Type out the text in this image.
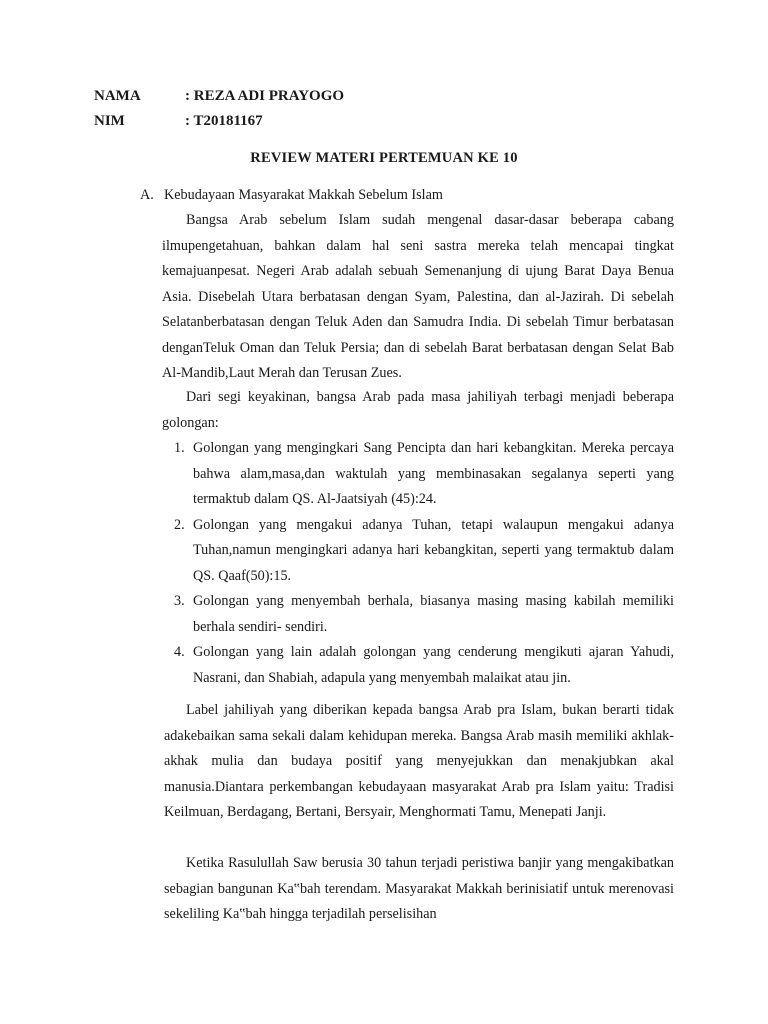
NAMA	: REZA ADI PRAYOGO
NIM	: T20181167
REVIEW MATERI PERTEMUAN KE 10
A. Kebudayaan Masyarakat Makkah Sebelum Islam

Bangsa Arab sebelum Islam sudah mengenal dasar-dasar beberapa cabang ilmupengetahuan, bahkan dalam hal seni sastra mereka telah mencapai tingkat kemajuanpesat. Negeri Arab adalah sebuah Semenanjung di ujung Barat Daya Benua Asia. Disebelah Utara berbatasan dengan Syam, Palestina, dan al-Jazirah. Di sebelah Selatanberbatasan dengan Teluk Aden dan Samudra India. Di sebelah Timur berbatasan denganTeluk Oman dan Teluk Persia; dan di sebelah Barat berbatasan dengan Selat Bab Al-Mandib,Laut Merah dan Terusan Zues.

Dari segi keyakinan, bangsa Arab pada masa jahiliyah terbagi menjadi beberapa golongan:

1. Golongan yang mengingkari Sang Pencipta dan hari kebangkitan. Mereka percaya bahwa alam,masa,dan waktulah yang membinasakan segalanya seperti yang termaktub dalam QS. Al-Jaatsiyah (45):24.
2. Golongan yang mengakui adanya Tuhan, tetapi walaupun mengakui adanya Tuhan,namun mengingkari adanya hari kebangkitan, seperti yang termaktub dalam QS. Qaaf(50):15.
3. Golongan yang menyembah berhala, biasanya masing masing kabilah memiliki berhala sendiri- sendiri.
4. Golongan yang lain adalah golongan yang cenderung mengikuti ajaran Yahudi, Nasrani, dan Shabiah, adapula yang menyembah malaikat atau jin.

Label jahiliyah yang diberikan kepada bangsa Arab pra Islam, bukan berarti tidak adakebaikan sama sekali dalam kehidupan mereka. Bangsa Arab masih memiliki akhlak-akhak mulia dan budaya positif yang menyejukkan dan menakjubkan akal manusia.Diantara perkembangan kebudayaan masyarakat Arab pra Islam yaitu: Tradisi Keilmuan, Berdagang, Bertani, Bersyair, Menghormati Tamu, Menepati Janji.

Ketika Rasulullah Saw berusia 30 tahun terjadi peristiwa banjir yang mengakibatkan sebagian bangunan Ka‟bah terendam. Masyarakat Makkah berinisiatif untuk merenovasi sekeliling Ka‟bah hingga terjadilah perselisihan
